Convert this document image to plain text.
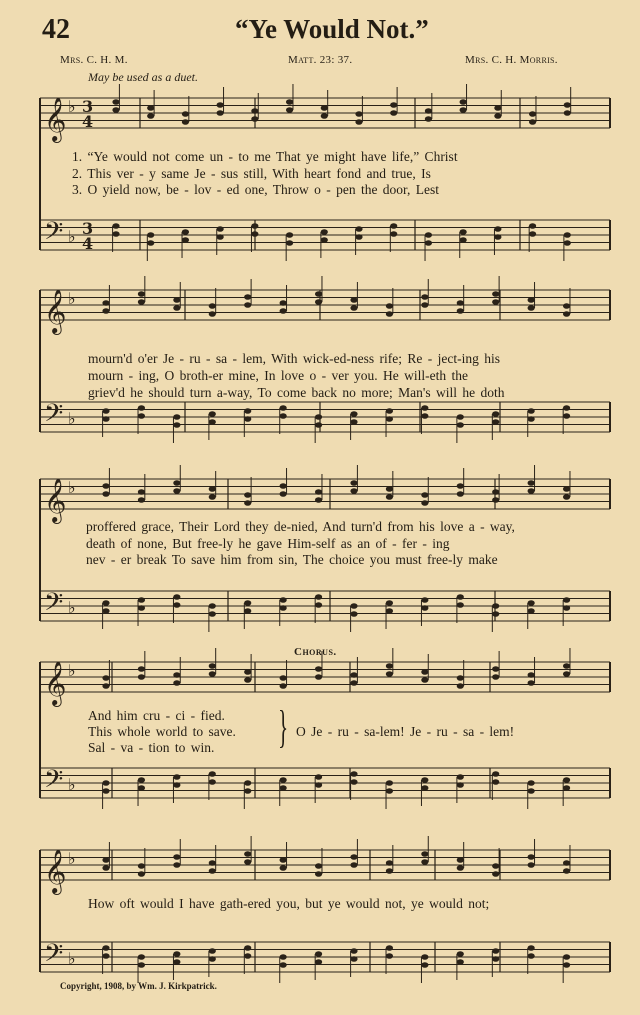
42	“Ye Would Not.”
Mrs. C. H. M.	Matt. 23: 37.	Mrs. C. H. Morris.
May be used as a duet.
𝄞 ♭ 3
4
𝄢 ♭ 3
4
𝄞 ♭
𝄢 ♭
𝄞 ♭
𝄢 ♭
𝄞 ♭
𝄢 ♭
𝄞 ♭
𝄢 ♭
1. “Ye would not come un - to me That ye might have life,” Christ
2. This ver - y same Je - sus still, With heart fond and true, Is
3. O yield now, be - lov - ed one, Throw o - pen the door, Lest
mourn'd o'er Je - ru - sa - lem, With wick-ed-ness rife; Re - ject-ing his
mourn - ing, O broth-er mine, In love o - ver you. He will-eth the
griev'd he should turn a-way, To come back no more; Man's will he doth
proffered grace, Their Lord they de-nied, And turn'd from his love a - way,
death of none, But free-ly he gave Him-self as an of - fer - ing
nev - er break To save him from sin, The choice you must free-ly make
Chorus.
And him cru - ci - fied.
This whole world to save.
Sal - va - tion to win. } O Je - ru - sa-lem! Je - ru - sa - lem!
How oft would I have gath-ered you, but ye would not, ye would not;
Copyright, 1908, by Wm. J. Kirkpatrick.
